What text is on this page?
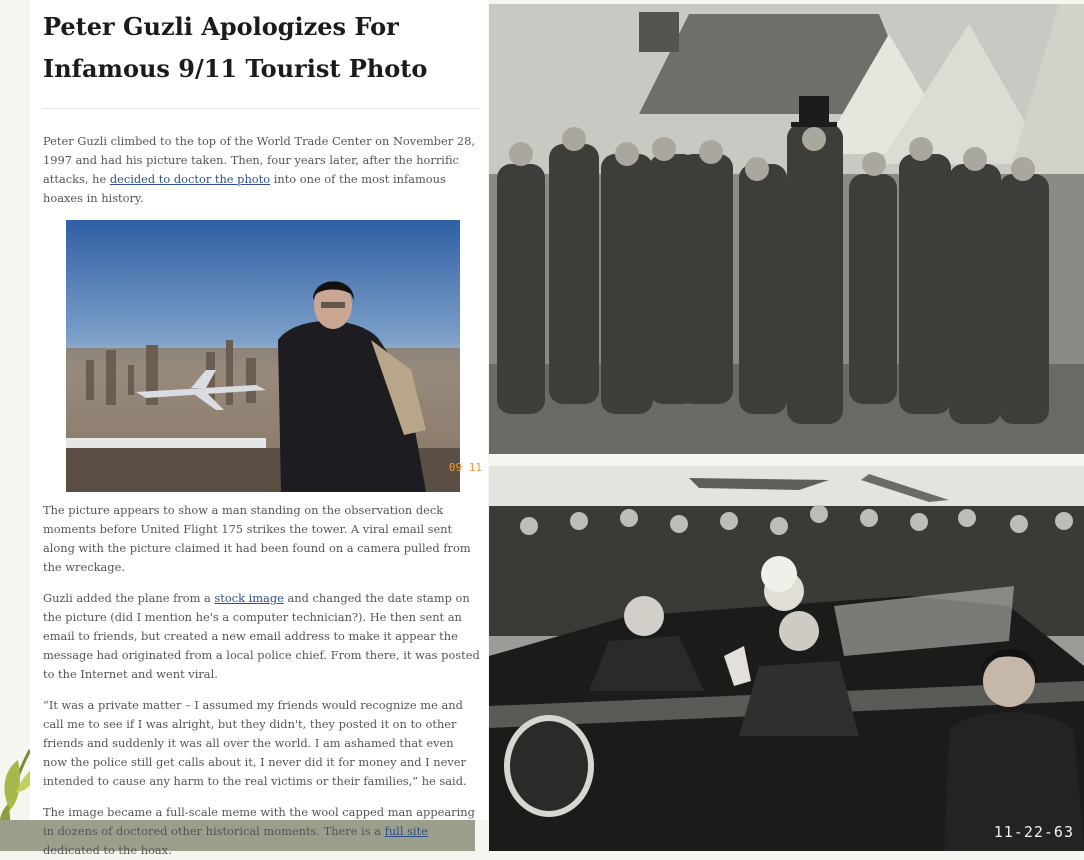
Peter Guzli Apologizes For Infamous 9/11 Tourist Photo

Peter Guzli climbed to the top of the World Trade Center on November 28, 1997 and had his picture taken. Then, four years later, after the horrific attacks, he decided to doctor the photo into one of the most infamous hoaxes in history.

09 11

The picture appears to show a man standing on the observation deck moments before United Flight 175 strikes the tower. A viral email sent along with the picture claimed it had been found on a camera pulled from the wreckage.

Guzli added the plane from a stock image and changed the date stamp on the picture (did I mention he's a computer technician?). He then sent an email to friends, but created a new email address to make it appear the message had originated from a local police chief. From there, it was posted to the Internet and went viral.

“It was a private matter – I assumed my friends would recognize me and call me to see if I was alright, but they didn't, they posted it on to other friends and suddenly it was all over the world. I am ashamed that even now the police still get calls about it, I never did it for money and I never intended to cause any harm to the real victims or their families,” he said.

The image became a full-scale meme with the wool capped man appearing in dozens of doctored other historical moments. There is a full site dedicated to the hoax.

11-22-63
